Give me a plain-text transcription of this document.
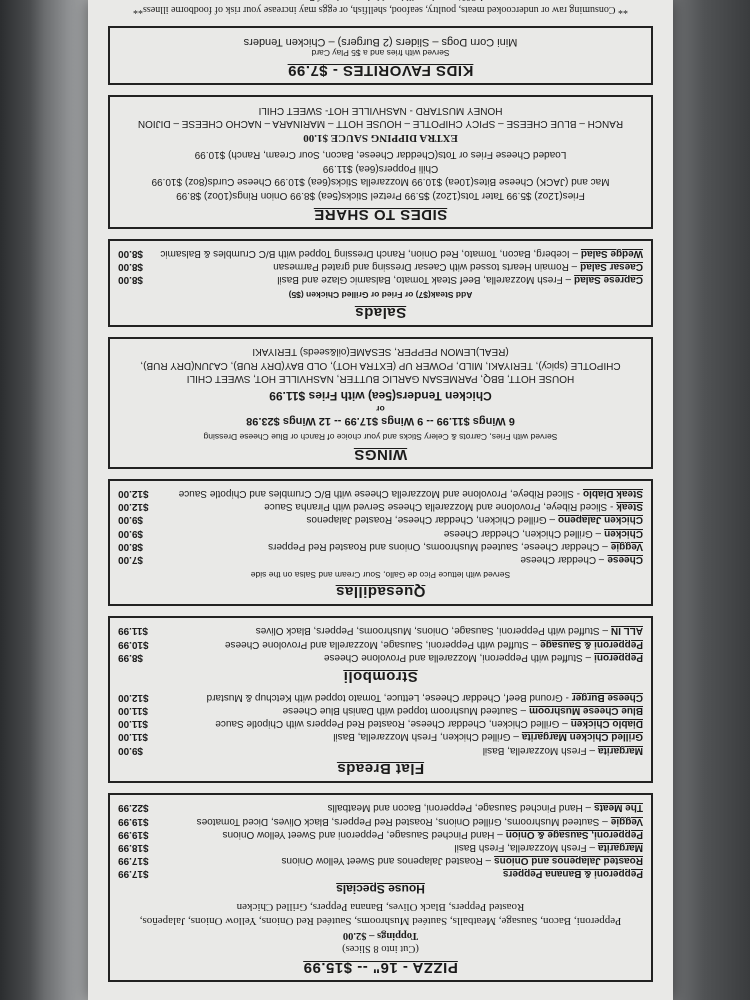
PIZZA - 16" -- $15.99
(Cut into 8 Slices)
Toppings – $2.00
Pepperoni, Bacon, Sausage, Meatballs, Sautéed Mushrooms, Sautéed Red Onions, Yellow Onions, Jalapeños, Roasted Peppers, Black Olives, Banana Peppers, Grilled Chicken
House Specials
Pepperoni & Banana Peppers
$17.99
Roasted Jalapenos and Onions
– Roasted Jalapenos and Sweet Yellow Onions
$17.99
Margarita
– Fresh Mozzarella, Fresh Basil
$18.99
Pepperoni, Sausage & Onion
– Hand Pinched Sausage, Pepperoni and Sweet Yellow Onions
$19.99
Veggie
– Sauteed Mushrooms, Grilled Onions, Roasted Red Peppers, Black Olives, Diced Tomatoes
$19.99
The Meats
– Hand Pinched Sausage, Pepperoni, Bacon and Meatballs
$22.99
Flat Breads
Margarita
– Fresh Mozzarella, Basil
$9.00
Grilled Chicken Margarita
– Grilled Chicken, Fresh Mozzarella, Basil
$11.00
Diablo Chicken
– Grilled Chicken, Cheddar Cheese, Roasted Red Peppers with Chipotle Sauce
$11.00
Blue Cheese Mushroom
– Sauteed Mushroom topped with Danish Blue Cheese
$11.00
Cheese Burger
- Ground Beef, Cheddar Cheese, Lettuce, Tomato topped with Ketchup & Mustard
$12.00
Stromboli
Pepperoni
– Stuffed with Pepperoni, Mozzarella and Provolone Cheese
$8.99
Pepperoni & Sausage
– Stuffed with Pepperoni, Sausage, Mozzarella and Provolone Cheese
$10.99
ALL IN
– Stuffed with Pepperoni, Sausage, Onions, Mushrooms, Peppers, Black Olives
$11.99
Quesadillas
Served with lettuce Pico de Gallo, Sour Cream and Salsa on the side
Cheese
– Cheddar Cheese
$7.00
Veggie
– Cheddar Cheese, Sauteed Mushrooms, Onions and Roasted Red Peppers
$8.00
Chicken
– Grilled Chicken, Cheddar Cheese
$9.00
Chicken Jalapeno
– Grilled Chicken, Cheddar Cheese, Roasted Jalapenos
$9.00
Steak
- Sliced Ribeye, Provolone and Mozzarella Cheese Served with Piranha Sauce
$12.00
Steak Diablo
- Sliced Ribeye, Provolone and Mozzarella Cheese with B/C Crumbles and Chipotle Sauce
$12.00
WINGS
Served with Fries, Carrots & Celery Sticks and your choice of Ranch or Blue Cheese Dressing
6 Wings $11.99 -- 9 Wings $17.99 -- 12 Wings $23.98
or
Chicken Tenders(5ea) with Fries $11.99
HOUSE HOTT, BBQ, PARMESAN GARLIC BUTTER, NASHVILLE HOT, SWEET CHILI
CHIPOTLE (spicy), TERIYAKI, MILD, POWER UP (EXTRA HOT), OLD BAY(DRY RUB), CAJUN(DRY RUB),
(REAL)LEMON PEPPER, SESAME(oil&seeds) TERIYAKI
Salads
Add Steak($7) or Fried or Grilled Chicken ($5)
Caprese Salad
– Fresh Mozzarella, Beef Steak Tomato, Balsamic Glaze and Basil
$8.00
Caesar Salad
– Romain Hearts tossed with Caesar Dressing and grated Parmesan
$8.00
Wedge Salad
– Iceberg, Bacon, Tomato, Red Onion, Ranch Dressing Topped with B/C Crumbles & Balsamic
$8.00
SIDES TO SHARE
Fries(12oz) $5.99 Tater Tots(12oz) $5.99 Pretzel Sticks(5ea) $8.99 Onion Rings(10oz) $8.99
Mac and (JACK) Cheese Bites(10ea) $10.99 Mozzarella Sticks(6ea) $10.99 Cheese Curds(8oz) $10.99
Chili Poppers(6ea) $11.99
Loaded Cheese Fries or Tots(Cheddar Cheese, Bacon, Sour Cream, Ranch) $10.99
EXTRA DIPPING SAUCE $1.00
RANCH – BLUE CHEESE – SPICY CHIPOTLE – HOUSE HOTT – MARINARA – NACHO CHEESE – DIJION
HONEY MUSTARD - NASHVILLE HOT- SWEET CHILI
KIDS FAVORITES - $7.99
Served with fries and a $5 Play Card
Mini Corn Dogs – Sliders (2 Burgers) – Chicken Tenders
** Consuming raw or undercooked meats, poultry, seafood, shellfish, or eggs may increase your risk of foodborne illness**
